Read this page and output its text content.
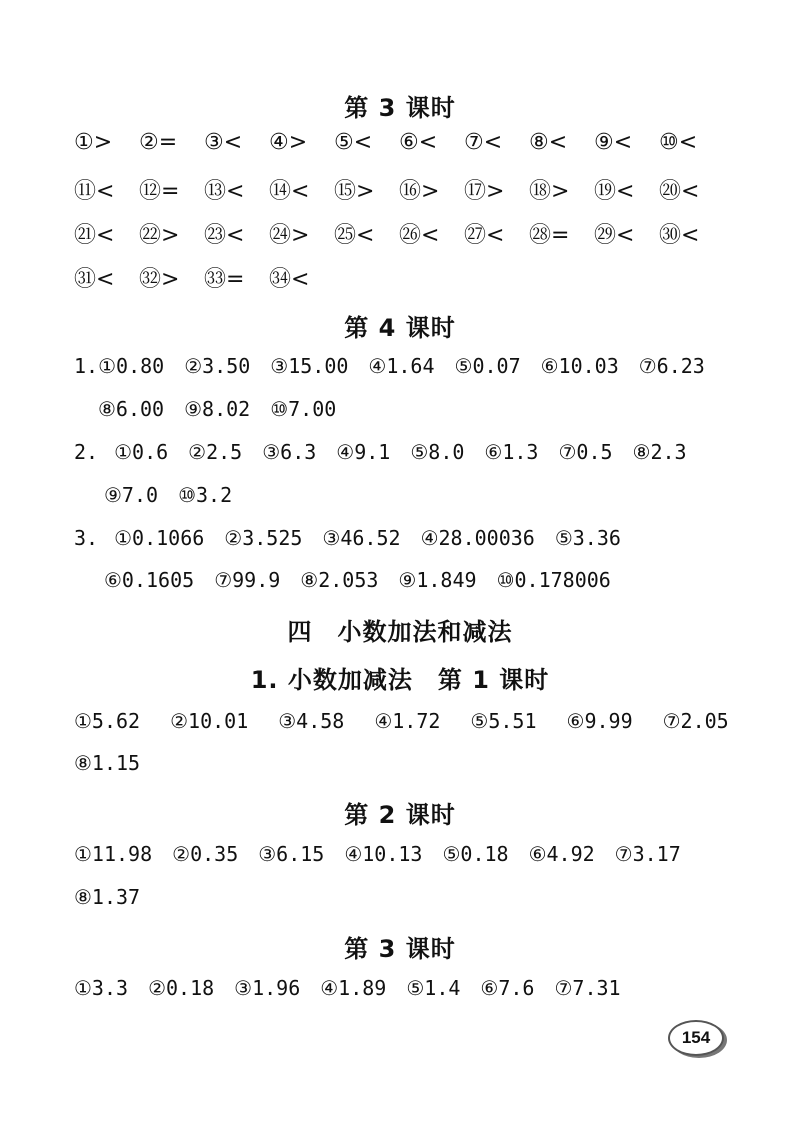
第 3 课时
①>	②=	③<	④>	⑤<	⑥<	⑦<	⑧<	⑨<	⑩<
⑪<	⑫=	⑬<	⑭<	⑮>	⑯>	⑰>	⑱>	⑲<	⑳<
㉑<	㉒>	㉓<	㉔>	㉕<	㉖<	㉗<	㉘=	㉙<	㉚<
㉛<	㉜>	㉝=	㉞<
第 4 课时
1.①0.80 ②3.50 ③15.00 ④1.64 ⑤0.07 ⑥10.03 ⑦6.23
⑧6.00 ⑨8.02 ⑩7.00
2. ①0.6 ②2.5 ③6.3 ④9.1 ⑤8.0 ⑥1.3 ⑦0.5 ⑧2.3
⑨7.0 ⑩3.2
3. ①0.1066 ②3.525 ③46.52 ④28.00036 ⑤3.36
⑥0.1605 ⑦99.9 ⑧2.053 ⑨1.849 ⑩0.178006
四　小数加法和减法
1. 小数加减法　第 1 课时
①5.62 ②10.01 ③4.58 ④1.72 ⑤5.51 ⑥9.99 ⑦2.05
⑧1.15
第 2 课时
①11.98 ②0.35 ③6.15 ④10.13 ⑤0.18 ⑥4.92 ⑦3.17
⑧1.37
第 3 课时
①3.3 ②0.18 ③1.96 ④1.89 ⑤1.4 ⑥7.6 ⑦7.31
154
